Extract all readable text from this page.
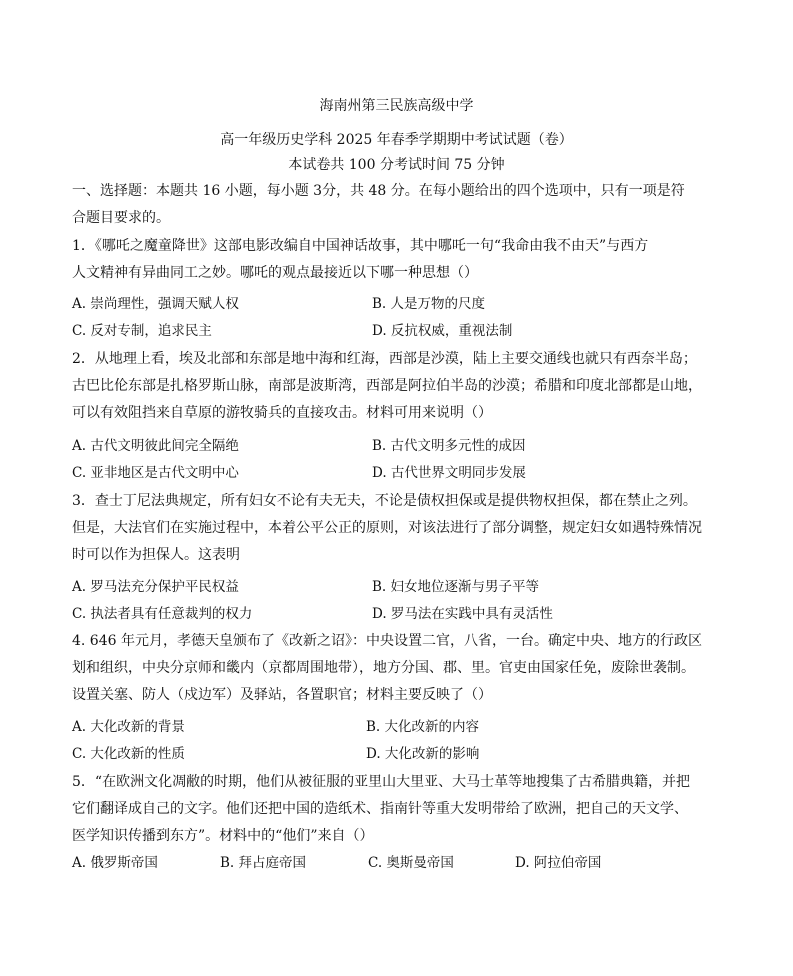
海南州第三民族高级中学
高一年级历史学科 2025 年春季学期期中考试试题（卷）
本试卷共 100 分考试时间 75 分钟
一、选择题：本题共 16 小题，每小题 3分，共 48 分。在每小题给出的四个选项中，只有一项是符
合题目要求的。
1．《哪吒之魔童降世》这部电影改编自中国神话故事，其中哪吒一句“我命由我不由天”与西方
人文精神有异曲同工之妙。哪吒的观点最接近以下哪一种思想（）
A. 崇尚理性，强调天赋人权	B. 人是万物的尺度
C. 反对专制，追求民主	D. 反抗权威，重视法制
2．从地理上看，埃及北部和东部是地中海和红海，西部是沙漠，陆上主要交通线也就只有西奈半岛；
古巴比伦东部是扎格罗斯山脉，南部是波斯湾，西部是阿拉伯半岛的沙漠；希腊和印度北部都是山地，
可以有效阻挡来自草原的游牧骑兵的直接攻击。材料可用来说明（）
A. 古代文明彼此间完全隔绝	B. 古代文明多元性的成因
C. 亚非地区是古代文明中心	D. 古代世界文明同步发展
3．查士丁尼法典规定，所有妇女不论有夫无夫，不论是债权担保或是提供物权担保，都在禁止之列。
但是，大法官们在实施过程中，本着公平公正的原则，对该法进行了部分调整，规定妇女如遇特殊情况
时可以作为担保人。这表明
A. 罗马法充分保护平民权益	B. 妇女地位逐渐与男子平等
C. 执法者具有任意裁判的权力	D. 罗马法在实践中具有灵活性
4. 646 年元月，孝德天皇颁布了《改新之诏》：中央设置二官，八省，一台。确定中央、地方的行政区
划和组织，中央分京师和畿内（京都周围地带），地方分国、郡、里。官吏由国家任免，废除世袭制。
设置关塞、防人（戍边军）及驿站，各置职官；材料主要反映了（）
A. 大化改新的背景	B. 大化改新的内容
C. 大化改新的性质	D. 大化改新的影响
5．“在欧洲文化凋敝的时期，他们从被征服的亚里山大里亚、大马士革等地搜集了古希腊典籍，并把
它们翻译成自己的文字。他们还把中国的造纸术、指南针等重大发明带给了欧洲，把自己的天文学、
医学知识传播到东方”。材料中的“他们”来自（）
A. 俄罗斯帝国	B. 拜占庭帝国	C. 奥斯曼帝国	D. 阿拉伯帝国
